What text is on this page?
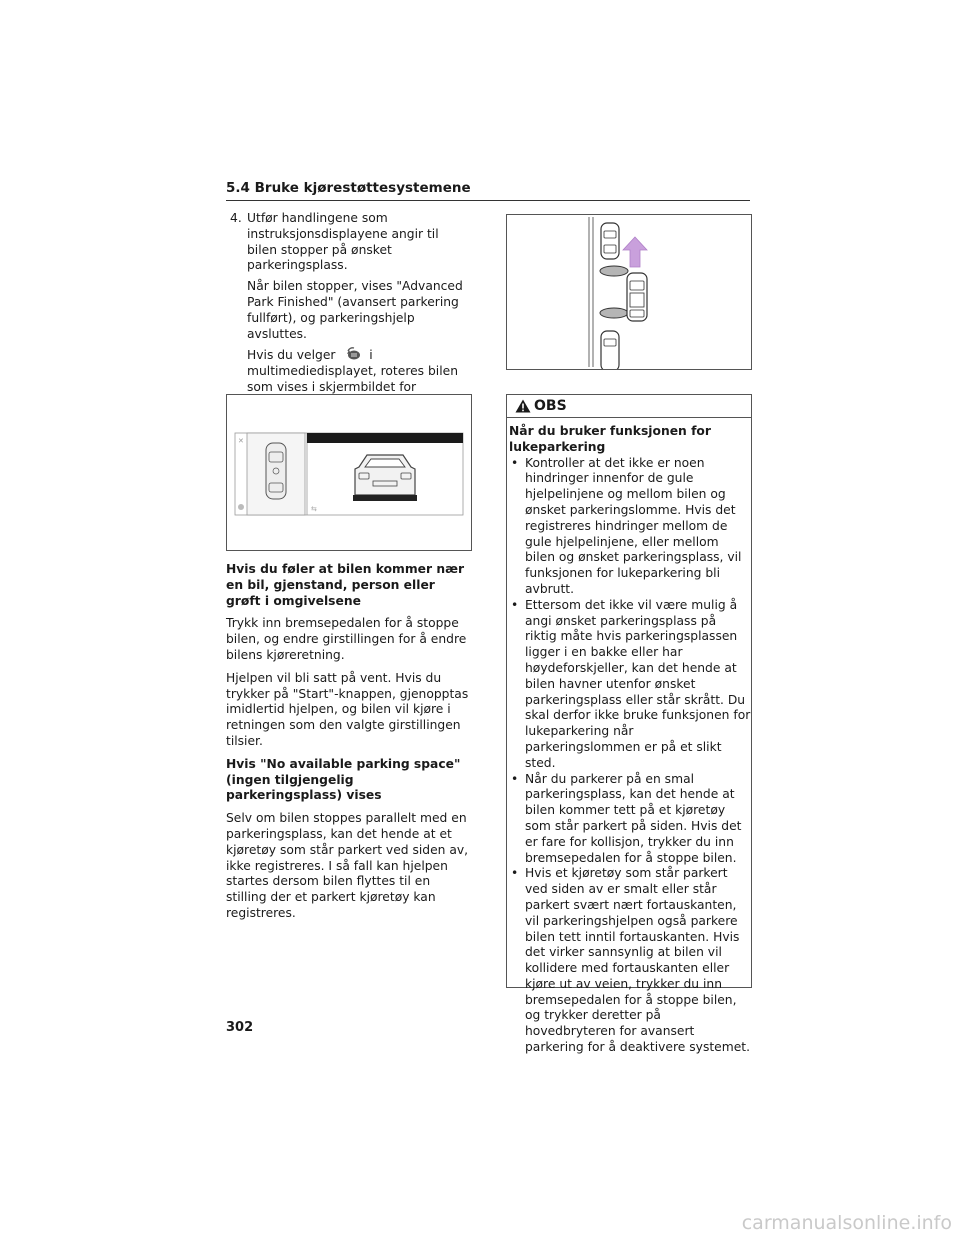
5.4 Bruke kjørestøttesystemene
4. Utfør handlingene som instruksjonsdisplayene angir til bilen stopper på ønsket parkeringsplass.

Når bilen stopper, vises "Advanced Park Finished" (avansert parkering fullført), og parkeringshjelp avsluttes.

Hvis du velger	i multimediedisplayet, roteres bilen som vises i skjermbildet for

✕
⇆

Hvis du føler at bilen kommer nær en bil, gjenstand, person eller grøft i omgivelsene

Trykk inn bremsepedalen for å stoppe bilen, og endre girstillingen for å endre bilens kjøreretning.

Hjelpen vil bli satt på vent. Hvis du trykker på "Start"-knappen, gjenopptas imidlertid hjelpen, og bilen vil kjøre i retningen som den valgte girstillingen tilsier.

Hvis "No available parking space" (ingen tilgjengelig parkeringsplass) vises

Selv om bilen stoppes parallelt med en parkeringsplass, kan det hende at et kjøretøy som står parkert ved siden av, ikke registreres. I så fall kan hjelpen startes dersom bilen flyttes til en stilling der et parkert kjøretøy kan registreres.

OBS
Når du bruker funksjonen for lukeparkering
• Kontroller at det ikke er noen hindringer innenfor de gule hjelpelinjene og mellom bilen og ønsket parkeringslomme. Hvis det registreres hindringer mellom de gule hjelpelinjene, eller mellom bilen og ønsket parkeringsplass, vil funksjonen for lukeparkering bli avbrutt.
• Ettersom det ikke vil være mulig å angi ønsket parkeringsplass på riktig måte hvis parkeringsplassen ligger i en bakke eller har høydeforskjeller, kan det hende at bilen havner utenfor ønsket parkeringsplass eller står skrått. Du skal derfor ikke bruke funksjonen for lukeparkering når parkeringslommen er på et slikt sted.
• Når du parkerer på en smal parkeringsplass, kan det hende at bilen kommer tett på et kjøretøy som står parkert på siden. Hvis det er fare for kollisjon, trykker du inn bremsepedalen for å stoppe bilen.
• Hvis et kjøretøy som står parkert ved siden av er smalt eller står parkert svært nært fortauskanten, vil parkeringshjelpen også parkere bilen tett inntil fortauskanten. Hvis det virker sannsynlig at bilen vil kollidere med fortauskanten eller kjøre ut av veien, trykker du inn bremsepedalen for å stoppe bilen, og trykker deretter på hovedbryteren for avansert parkering for å deaktivere systemet.
302
carmanualsonline.info
